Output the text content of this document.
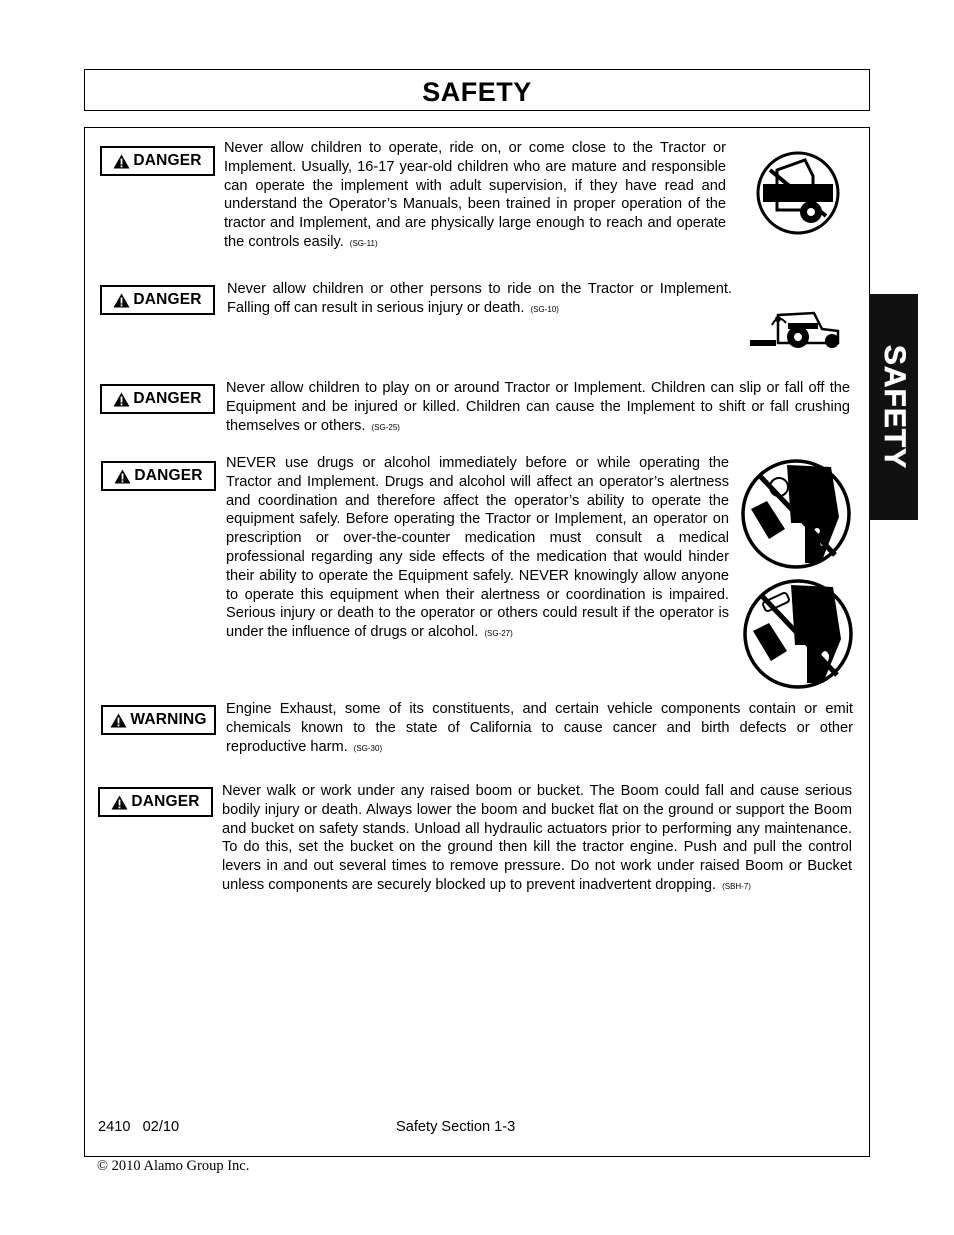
SAFETY
SAFETY
DANGER
Never allow children to operate, ride on, or come close to the Tractor or Implement. Usually, 16-17 year-old children who are mature and responsible can operate the implement with adult supervision, if they have read and understand the Operator’s Manuals, been trained in proper operation of the tractor and Implement, and are physically large enough to reach and operate the controls easily. (SG-11)
DANGER
Never allow children or other persons to ride on the Tractor or Implement. Falling off can result in serious injury or death. (SG-10)
DANGER
Never allow children to play on or around Tractor or Implement. Children can slip or fall off the Equipment and be injured or killed. Children can cause the Implement to shift or fall crushing themselves or others. (SG-25)
DANGER
NEVER use drugs or alcohol immediately before or while operating the Tractor and Implement. Drugs and alcohol will affect an operator’s alertness and coordination and therefore affect the operator’s ability to operate the equipment safely. Before operating the Tractor or Implement, an operator on prescription or over-the-counter medication must consult a medical professional regarding any side effects of the medication that would hinder their ability to operate the Equipment safely. NEVER knowingly allow anyone to operate this equipment when their alertness or coordination is impaired. Serious injury or death to the operator or others could result if the operator is under the influence of drugs or alcohol. (SG-27)
WARNING
Engine Exhaust, some of its constituents, and certain vehicle components contain or emit chemicals known to the state of California to cause cancer and birth defects or other reproductive harm. (SG-30)
DANGER
Never walk or work under any raised boom or bucket. The Boom could fall and cause serious bodily injury or death. Always lower the boom and bucket flat on the ground or support the Boom and bucket on safety stands. Unload all hydraulic actuators prior to performing any maintenance. To do this, set the bucket on the ground then kill the tractor engine. Push and pull the control levers in and out several times to remove pressure. Do not work under raised Boom or Bucket unless components are securely blocked up to prevent inadvertent dropping. (SBH-7)
2410   02/10	Safety Section 1-3
© 2010 Alamo Group Inc.
